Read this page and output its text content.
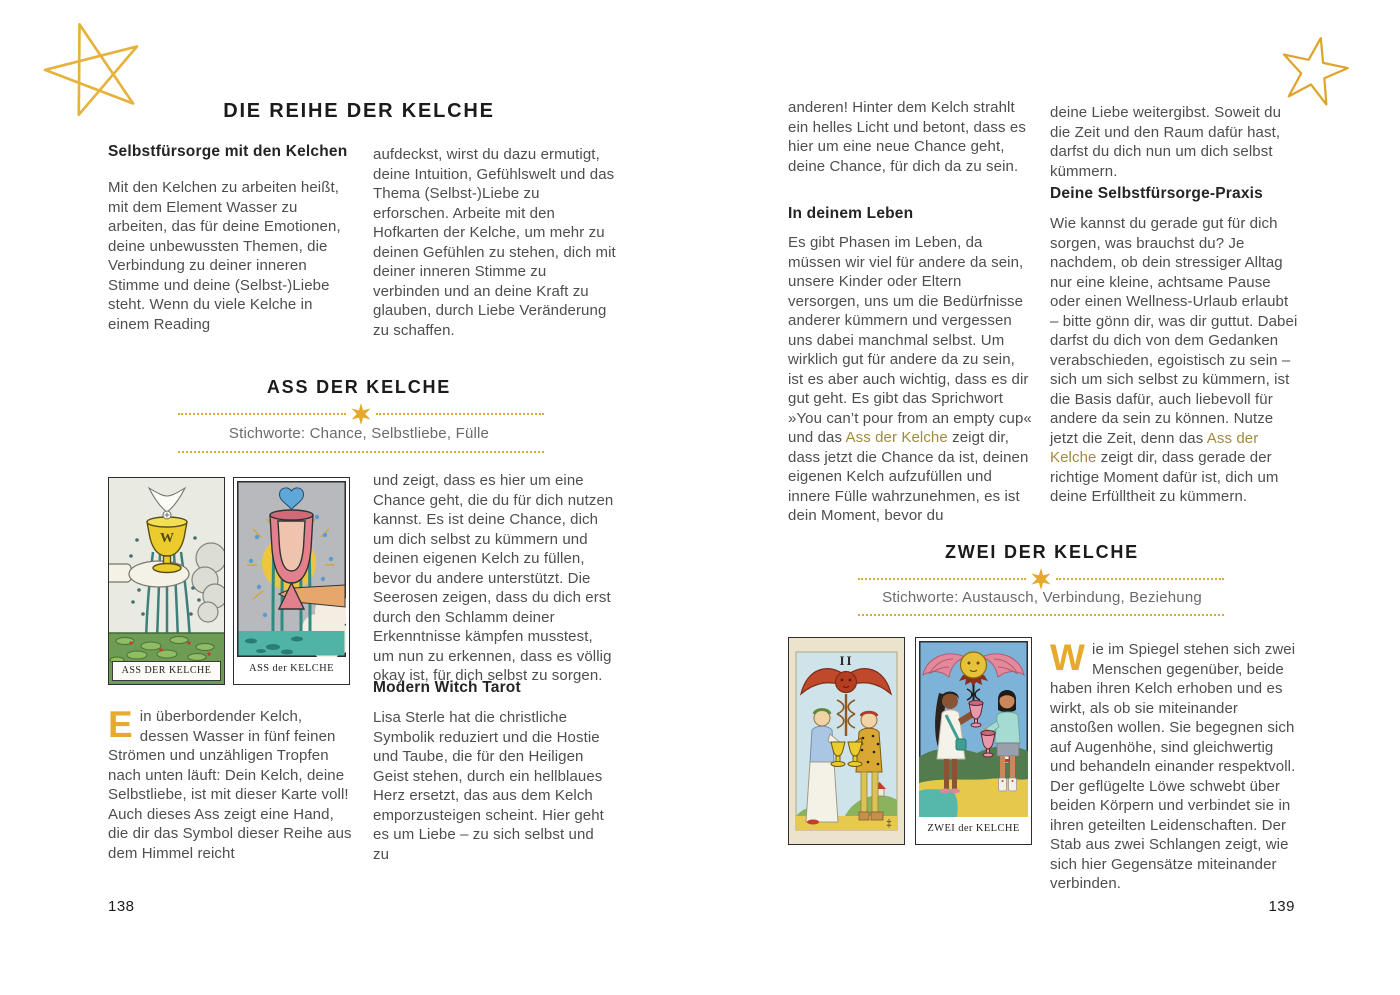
DIE REIHE DER KELCHE
Selbstfürsorge mit den Kelchen
Mit den Kelchen zu arbeiten heißt, mit dem Element Wasser zu arbeiten, das für deine Emotionen, deine unbewussten Themen, die Verbindung zu deiner inneren Stimme und deine (Selbst-)Liebe steht. Wenn du viele Kelche in einem Reading
aufdeckst, wirst du dazu ermutigt, deine Intuition, Gefühlswelt und das Thema (Selbst-)Liebe zu erforschen. Arbeite mit den Hofkarten der Kelche, um mehr zu deinen Gefühlen zu stehen, dich mit deiner inneren Stimme zu verbinden und an deine Kraft zu glauben, durch Liebe Veränderung zu schaffen.
ASS DER KELCHE
Stichworte: Chance, Selbstliebe, Fülle
W
ASS DER KELCHE	ASS der KELCHE
und zeigt, dass es hier um eine Chance geht, die du für dich nutzen kannst. Es ist deine Chance, dich um dich selbst zu kümmern und deinen eigenen Kelch zu füllen, bevor du andere unterstützt. Die Seerosen zeigen, dass du dich erst durch den Schlamm deiner Erkenntnisse kämpfen musstest, um nun zu erkennen, dass es völlig okay ist, für dich selbst zu sorgen.
Modern Witch Tarot
Lisa Sterle hat die christliche Symbolik reduziert und die Hostie und Taube, die für den Heiligen Geist stehen, durch ein hellblaues Herz ersetzt, das aus dem Kelch emporzusteigen scheint. Hier geht es um Liebe – zu sich selbst und zu
Ein überbordender Kelch, dessen Wasser in fünf feinen Strömen und unzähligen Tropfen nach unten läuft: Dein Kelch, deine Selbstliebe, ist mit dieser Karte voll! Auch dieses Ass zeigt eine Hand, die dir das Symbol dieser Reihe aus dem Himmel reicht
138
anderen! Hinter dem Kelch strahlt ein helles Licht und betont, dass es hier um eine neue Chance geht, deine Chance, für dich da zu sein.
In deinem Leben
Es gibt Phasen im Leben, da müssen wir viel für andere da sein, unsere Kinder oder Eltern versorgen, uns um die Bedürfnisse anderer kümmern und vergessen uns dabei manchmal selbst. Um wirklich gut für andere da zu sein, ist es aber auch wichtig, dass es dir gut geht. Es gibt das Sprichwort »You can’t pour from an empty cup« und das Ass der Kelche zeigt dir, dass jetzt die Chance da ist, deinen eigenen Kelch aufzufüllen und innere Fülle wahrzunehmen, es ist dein Moment, bevor du
deine Liebe weitergibst. Soweit du die Zeit und den Raum dafür hast, darfst du dich nun um dich selbst kümmern.
Deine Selbstfürsorge-Praxis
Wie kannst du gerade gut für dich sorgen, was brauchst du? Je nachdem, ob dein stressiger Alltag nur eine kleine, achtsame Pause oder einen Wellness-Urlaub erlaubt – bitte gönn dir, was dir guttut. Dabei darfst du dich von dem Gedanken verabschieden, egoistisch zu sein – sich um sich selbst zu kümmern, ist die Basis dafür, auch liebevoll für andere da sein zu können. Nutze jetzt die Zeit, denn das Ass der Kelche zeigt dir, dass gerade der richtige Moment dafür ist, dich um deine Erfülltheit zu kümmern.
ZWEI DER KELCHE
Stichworte: Austausch, Verbindung, Beziehung
‡
II
ZWEI der KELCHE
Wie im Spiegel stehen sich zwei Menschen gegenüber, beide haben ihren Kelch erhoben und es wirkt, als ob sie miteinander anstoßen wollen. Sie begegnen sich auf Augenhöhe, sind gleichwertig und behandeln einander respektvoll. Der geflügelte Löwe schwebt über beiden Körpern und verbindet sie in ihren geteilten Leidenschaften. Der Stab aus zwei Schlangen zeigt, wie sich hier Gegensätze miteinander verbinden.
139
